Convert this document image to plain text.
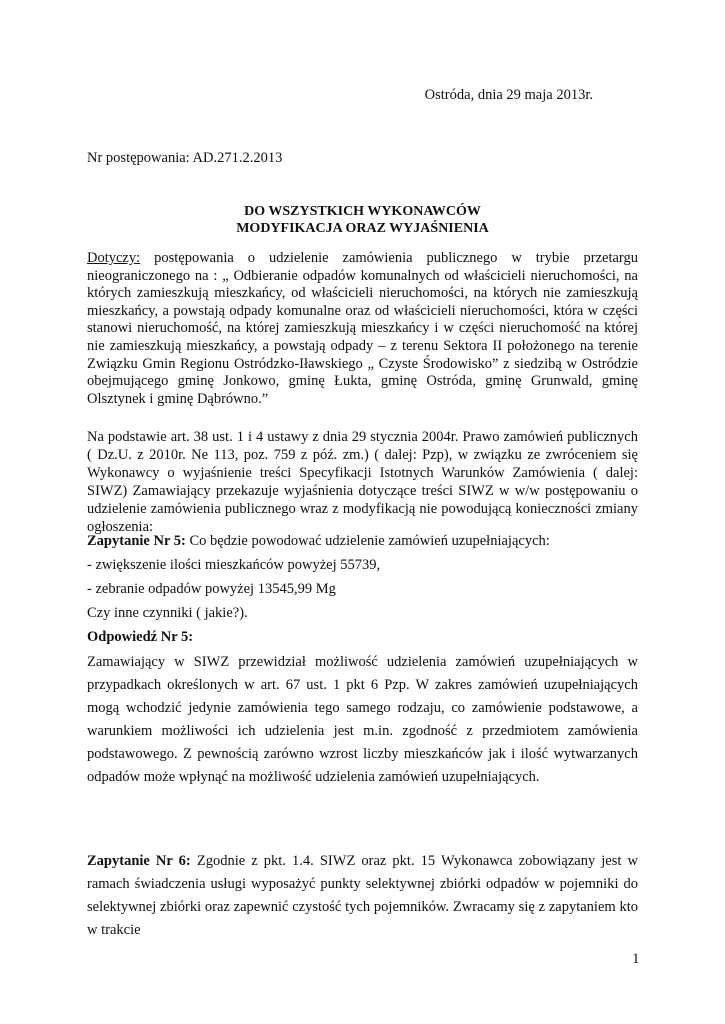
Ostróda, dnia 29 maja 2013r.
Nr postępowania: AD.271.2.2013
DO WSZYSTKICH WYKONAWCÓW
MODYFIKACJA ORAZ WYJAŚNIENIA
Dotyczy: postępowania o udzielenie zamówienia publicznego w trybie przetargu nieograniczonego na : „ Odbieranie odpadów komunalnych od właścicieli nieruchomości, na których zamieszkują mieszkańcy, od właścicieli nieruchomości, na których nie zamieszkują mieszkańcy, a powstają odpady komunalne oraz od właścicieli nieruchomości, która w części stanowi nieruchomość, na której zamieszkują mieszkańcy i w części nieruchomość na której nie zamieszkują mieszkańcy, a powstają odpady – z terenu Sektora II położonego na terenie Związku Gmin Regionu Ostródzko-Iławskiego „ Czyste Środowisko” z siedzibą w Ostródzie obejmującego gminę Jonkowo, gminę Łukta, gminę Ostróda, gminę Grunwald, gminę Olsztynek i gminę Dąbrówno.”
Na podstawie art. 38 ust. 1 i 4 ustawy z dnia 29 stycznia 2004r. Prawo zamówień publicznych ( Dz.U. z 2010r. Ne 113, poz. 759 z póź. zm.) ( dalej: Pzp), w związku ze zwróceniem się Wykonawcy o wyjaśnienie treści Specyfikacji Istotnych Warunków Zamówienia ( dalej: SIWZ) Zamawiający przekazuje wyjaśnienia dotyczące treści SIWZ w w/w postępowaniu o udzielenie zamówienia publicznego wraz z modyfikacją nie powodującą konieczności zmiany ogłoszenia:

Zapytanie Nr 5: Co będzie powodować udzielenie zamówień uzupełniających:

- zwiększenie ilości mieszkańców powyżej 55739,

- zebranie odpadów powyżej 13545,99 Mg

Czy inne czynniki ( jakie?).

Odpowiedź Nr 5:

Zamawiający w SIWZ przewidział możliwość udzielenia zamówień uzupełniających w przypadkach określonych w art. 67 ust. 1 pkt 6 Pzp. W zakres zamówień uzupełniających mogą wchodzić jedynie zamówienia tego samego rodzaju, co zamówienie podstawowe, a warunkiem możliwości ich udzielenia jest m.in. zgodność z przedmiotem zamówienia podstawowego. Z pewnością zarówno wzrost liczby mieszkańców jak i ilość wytwarzanych odpadów może wpłynąć na możliwość udzielenia zamówień uzupełniających.
Zapytanie Nr 6: Zgodnie z pkt. 1.4. SIWZ oraz pkt. 15 Wykonawca zobowiązany jest w ramach świadczenia usługi wyposażyć punkty selektywnej zbiórki odpadów w pojemniki do selektywnej zbiórki oraz zapewnić czystość tych pojemników. Zwracamy się z zapytaniem kto w trakcie
1
